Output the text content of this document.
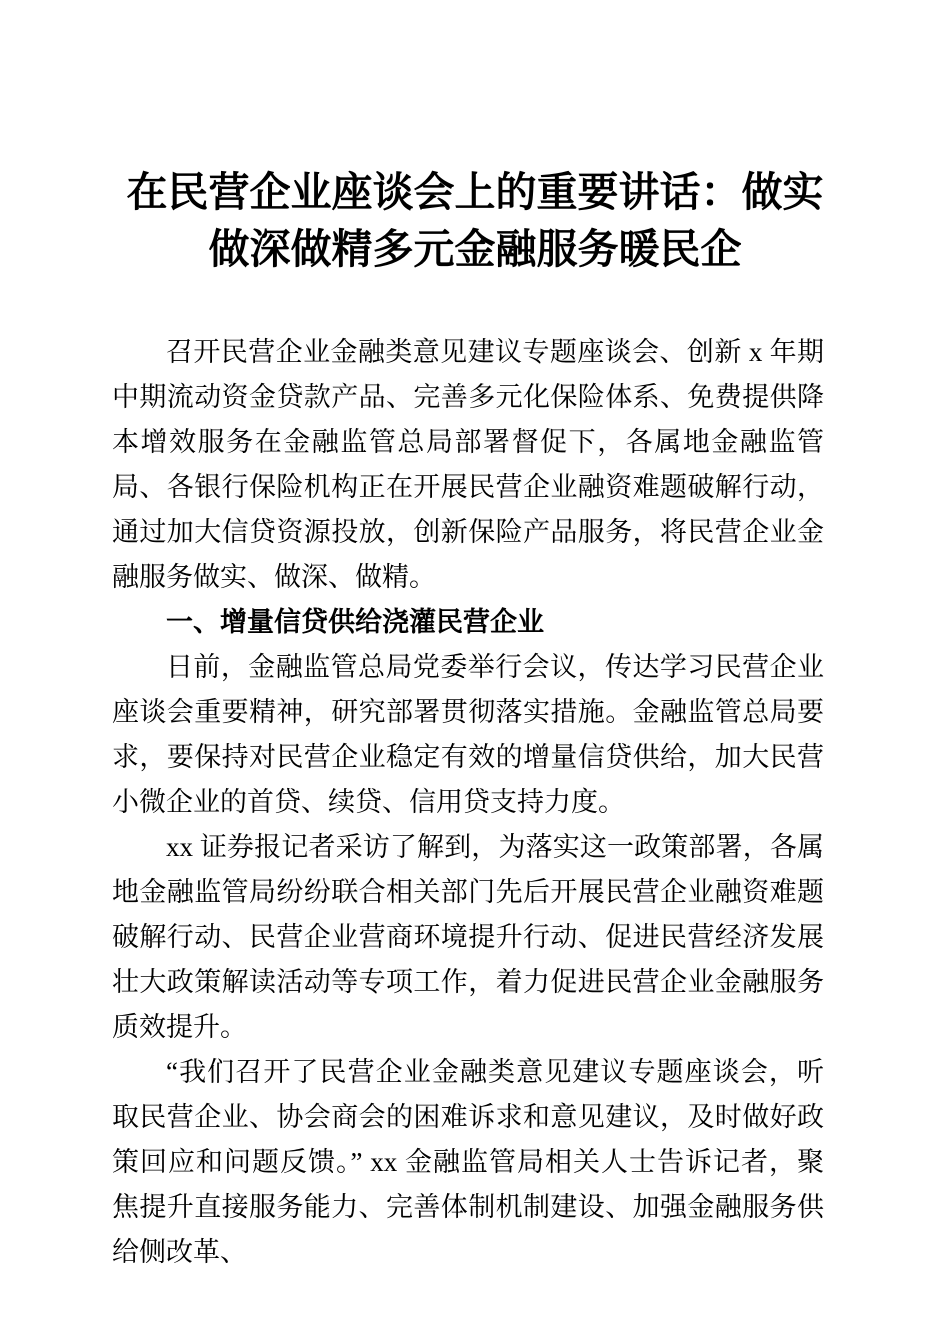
在民营企业座谈会上的重要讲话：做实做深做精多元金融服务暖民企

召开民营企业金融类意见建议专题座谈会、创新 x 年期中期流动资金贷款产品、完善多元化保险体系、免费提供降本增效服务在金融监管总局部署督促下，各属地金融监管局、各银行保险机构正在开展民营企业融资难题破解行动，通过加大信贷资源投放，创新保险产品服务，将民营企业金融服务做实、做深、做精。

一、增量信贷供给浇灌民营企业

日前，金融监管总局党委举行会议，传达学习民营企业座谈会重要精神，研究部署贯彻落实措施。金融监管总局要求，要保持对民营企业稳定有效的增量信贷供给，加大民营小微企业的首贷、续贷、信用贷支持力度。

xx 证券报记者采访了解到，为落实这一政策部署，各属地金融监管局纷纷联合相关部门先后开展民营企业融资难题破解行动、民营企业营商环境提升行动、促进民营经济发展壮大政策解读活动等专项工作，着力促进民营企业金融服务质效提升。

“我们召开了民营企业金融类意见建议专题座谈会，听取民营企业、协会商会的困难诉求和意见建议，及时做好政策回应和问题反馈。” xx 金融监管局相关人士告诉记者，聚焦提升直接服务能力、完善体制机制建设、加强金融服务供给侧改革、
